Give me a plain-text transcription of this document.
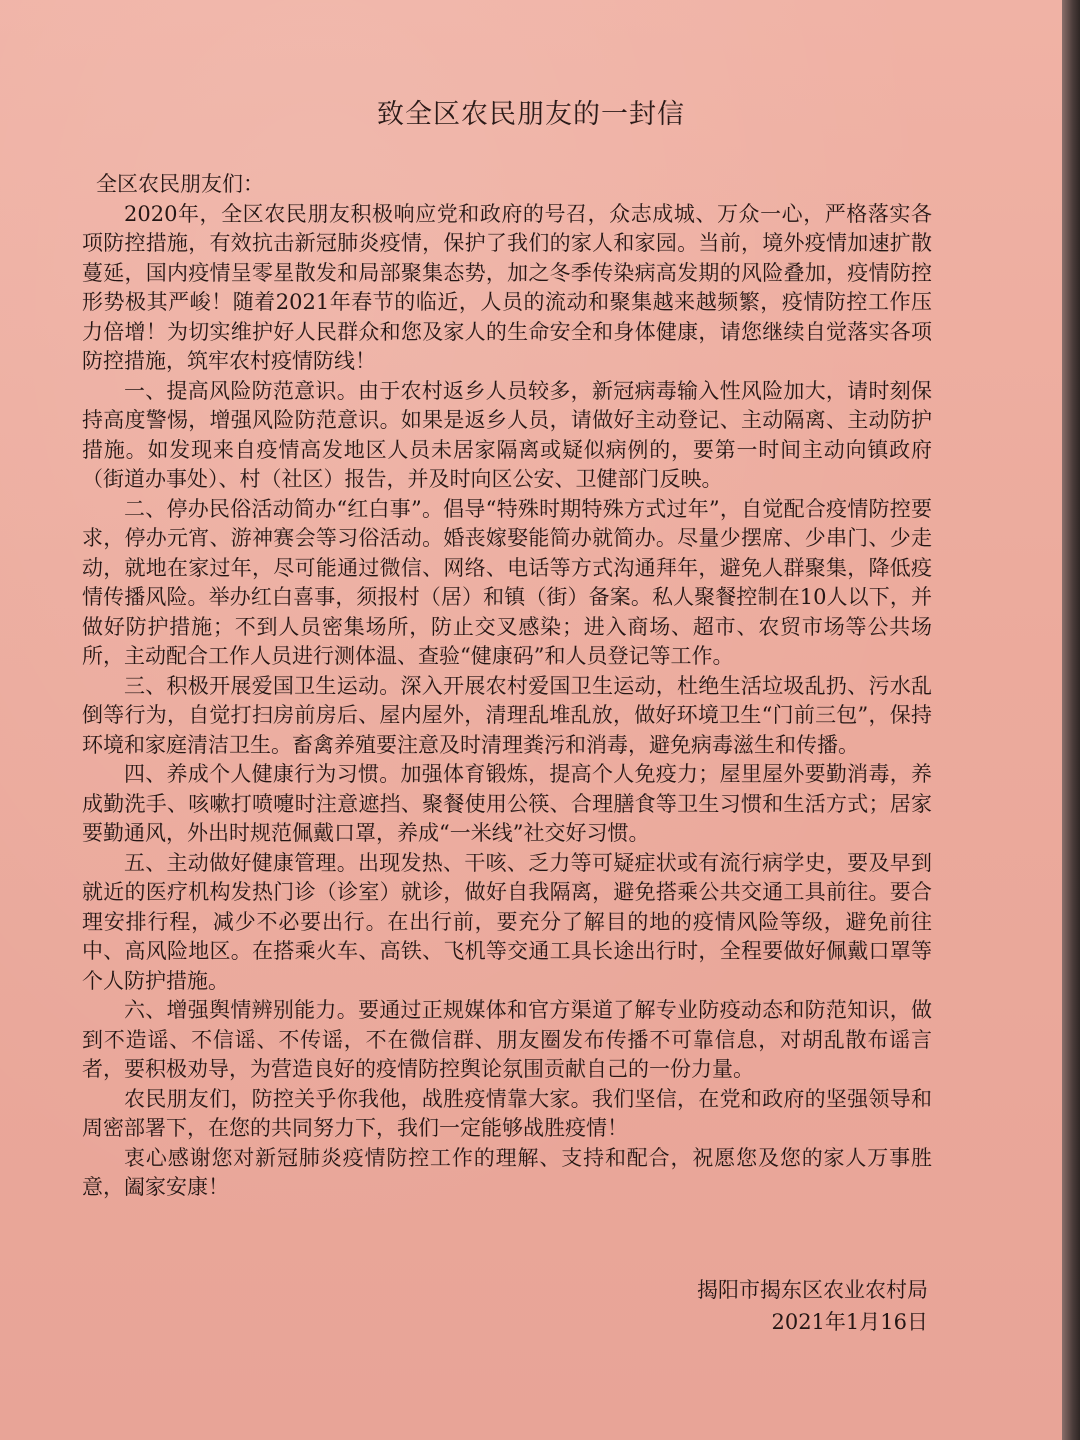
致全区农民朋友的一封信

全区农民朋友们：

2020年，全区农民朋友积极响应党和政府的号召，众志成城、万众一心，严格落实各项防控措施，有效抗击新冠肺炎疫情，保护了我们的家人和家园。当前，境外疫情加速扩散蔓延，国内疫情呈零星散发和局部聚集态势，加之冬季传染病高发期的风险叠加，疫情防控形势极其严峻！随着2021年春节的临近，人员的流动和聚集越来越频繁，疫情防控工作压力倍增！为切实维护好人民群众和您及家人的生命安全和身体健康，请您继续自觉落实各项防控措施，筑牢农村疫情防线！

一、提高风险防范意识。由于农村返乡人员较多，新冠病毒输入性风险加大，请时刻保持高度警惕，增强风险防范意识。如果是返乡人员，请做好主动登记、主动隔离、主动防护措施。如发现来自疫情高发地区人员未居家隔离或疑似病例的，要第一时间主动向镇政府（街道办事处）、村（社区）报告，并及时向区公安、卫健部门反映。

二、停办民俗活动简办“红白事”。倡导“特殊时期特殊方式过年”，自觉配合疫情防控要求，停办元宵、游神赛会等习俗活动。婚丧嫁娶能简办就简办。尽量少摆席、少串门、少走动，就地在家过年，尽可能通过微信、网络、电话等方式沟通拜年，避免人群聚集，降低疫情传播风险。举办红白喜事，须报村（居）和镇（街）备案。私人聚餐控制在10人以下，并做好防护措施；不到人员密集场所，防止交叉感染；进入商场、超市、农贸市场等公共场所，主动配合工作人员进行测体温、查验“健康码”和人员登记等工作。

三、积极开展爱国卫生运动。深入开展农村爱国卫生运动，杜绝生活垃圾乱扔、污水乱倒等行为，自觉打扫房前房后、屋内屋外，清理乱堆乱放，做好环境卫生“门前三包”，保持环境和家庭清洁卫生。畜禽养殖要注意及时清理粪污和消毒，避免病毒滋生和传播。

四、养成个人健康行为习惯。加强体育锻炼，提高个人免疫力；屋里屋外要勤消毒，养成勤洗手、咳嗽打喷嚏时注意遮挡、聚餐使用公筷、合理膳食等卫生习惯和生活方式；居家要勤通风，外出时规范佩戴口罩，养成“一米线”社交好习惯。

五、主动做好健康管理。出现发热、干咳、乏力等可疑症状或有流行病学史，要及早到就近的医疗机构发热门诊（诊室）就诊，做好自我隔离，避免搭乘公共交通工具前往。要合理安排行程，减少不必要出行。在出行前，要充分了解目的地的疫情风险等级，避免前往中、高风险地区。在搭乘火车、高铁、飞机等交通工具长途出行时，全程要做好佩戴口罩等个人防护措施。

六、增强舆情辨别能力。要通过正规媒体和官方渠道了解专业防疫动态和防范知识，做到不造谣、不信谣、不传谣，不在微信群、朋友圈发布传播不可靠信息，对胡乱散布谣言者，要积极劝导，为营造良好的疫情防控舆论氛围贡献自己的一份力量。

农民朋友们，防控关乎你我他，战胜疫情靠大家。我们坚信，在党和政府的坚强领导和周密部署下，在您的共同努力下，我们一定能够战胜疫情！

衷心感谢您对新冠肺炎疫情防控工作的理解、支持和配合，祝愿您及您的家人万事胜意，阖家安康！

揭阳市揭东区农业农村局
2021年1月16日
